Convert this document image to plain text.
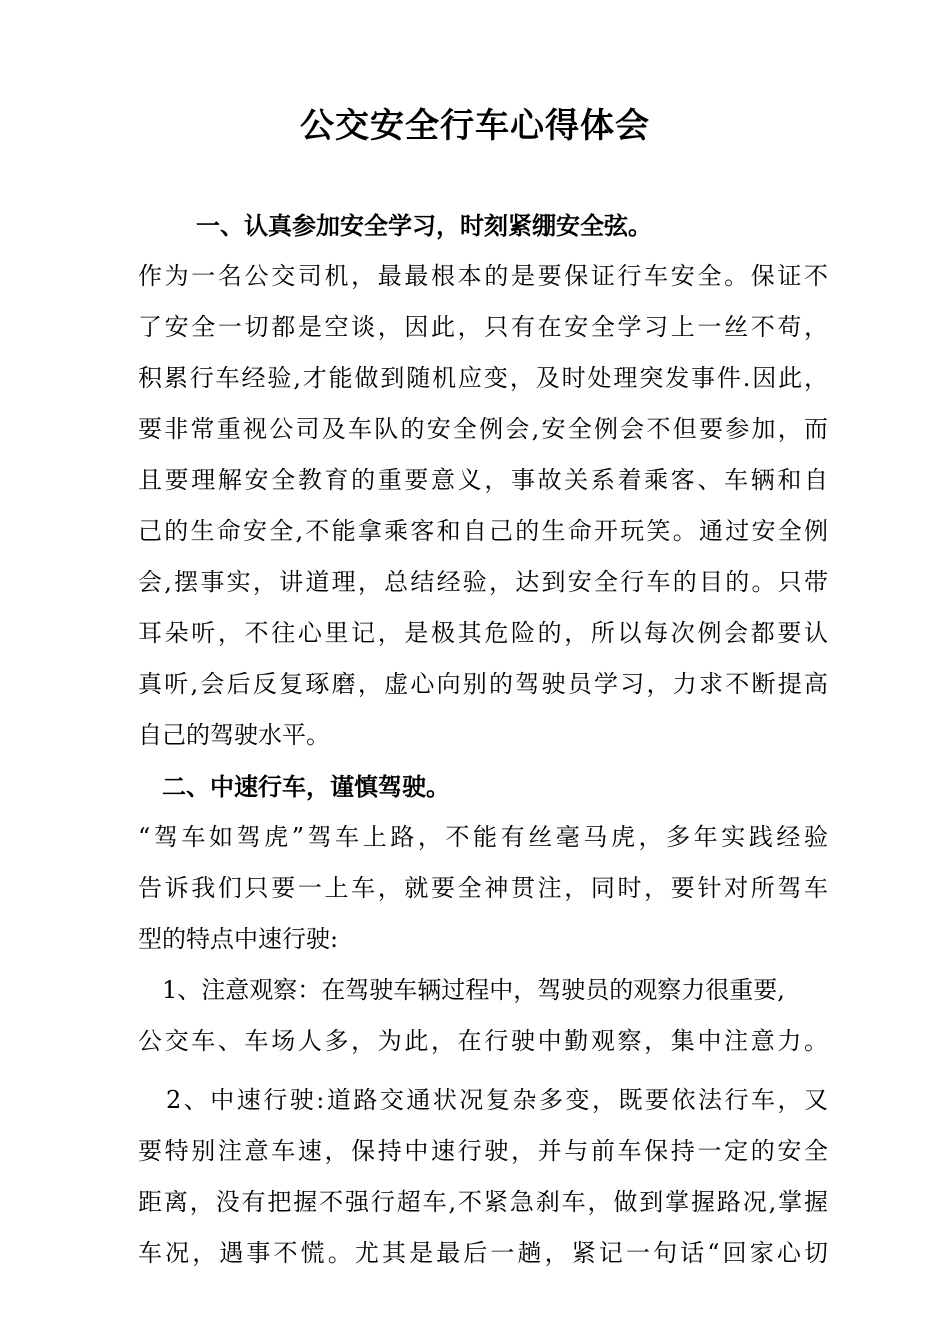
公交安全行车心得体会
一、认真参加安全学习，时刻紧绷安全弦。
作为一名公交司机，最最根本的是要保证行车安全。保证不
了安全一切都是空谈，因此，只有在安全学习上一丝不苟，
积累行车经验,才能做到随机应变，及时处理突发事件.因此，
要非常重视公司及车队的安全例会,安全例会不但要参加，而
且要理解安全教育的重要意义，事故关系着乘客、车辆和自
己的生命安全,不能拿乘客和自己的生命开玩笑。通过安全例
会,摆事实，讲道理，总结经验，达到安全行车的目的。只带
耳朵听，不往心里记，是极其危险的，所以每次例会都要认
真听,会后反复琢磨，虚心向别的驾驶员学习，力求不断提高
自己的驾驶水平。
二、中速行车，谨慎驾驶。
“驾车如驾虎”驾车上路，不能有丝毫马虎，多年实践经验
告诉我们只要一上车，就要全神贯注，同时，要针对所驾车
型的特点中速行驶:
1、注意观察：在驾驶车辆过程中，驾驶员的观察力很重要,
公交车、车场人多，为此，在行驶中勤观察，集中注意力。
2、中速行驶:道路交通状况复杂多变，既要依法行车，又
要特别注意车速，保持中速行驶，并与前车保持一定的安全
距离，没有把握不强行超车,不紧急刹车，做到掌握路况,掌握
车况，遇事不慌。尤其是最后一趟，紧记一句话“回家心切
